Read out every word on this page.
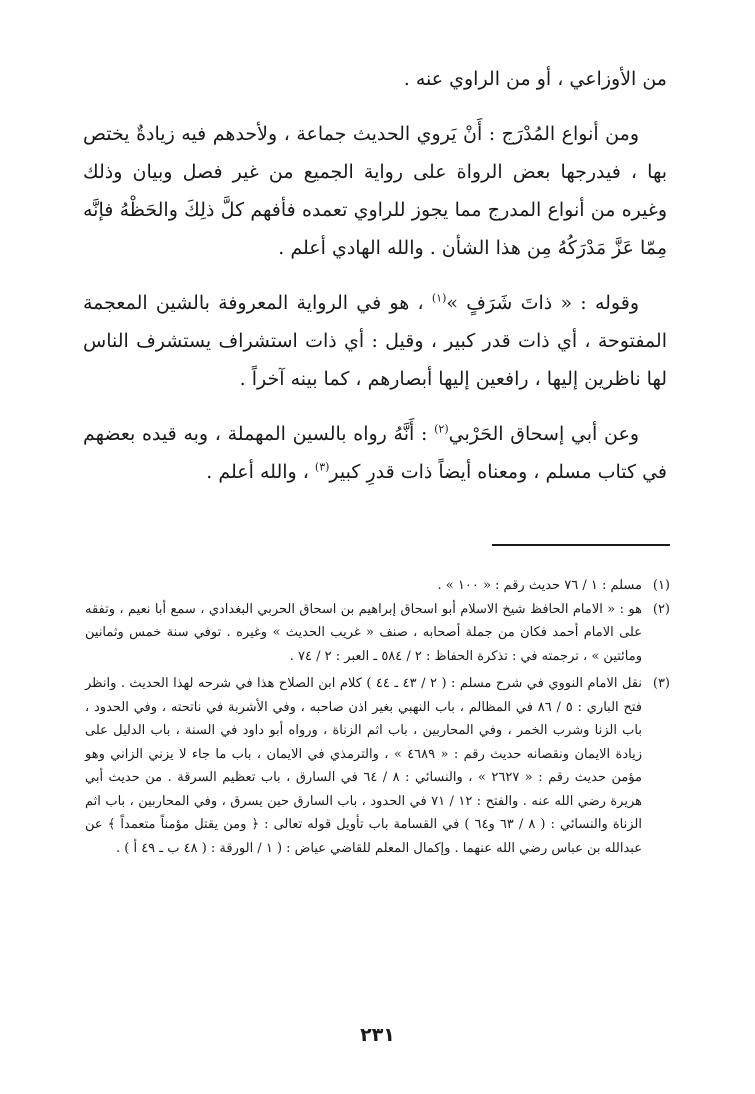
من الأوزاعي ، أو من الراوي عنه .

ومن أنواع المُدْرَج : أَنْ يَروي الحديث جماعة ، ولأحدهم فيه زيادةٌ يختص بها ، فيدرجها بعض الرواة على رواية الجميع من غير فصل وبيان وذلك وغيره من أنواع المدرج مما يجوز للراوي تعمده فأفهم كلَّ ذلِكَ والحَظْهُ فإنَّه مِمّا عَزَّ مَدْرَكُهُ مِن هذا الشأن . والله الهادي أعلم .

وقوله : « ذاتَ شَرَفٍ »$^{(١)}$ ، هو في الرواية المعروفة بالشين المعجمة المفتوحة ، أي ذات قدر كبير ، وقيل : أي ذات استشراف يستشرف الناس لها ناظرين إليها ، رافعين إليها أبصارهم ، كما بينه آخراً .

وعن أبي إسحاق الحَرْبي$^{(٢)}$ : أَنَّهُ رواه بالسين المهملة ، وبه قيده بعضهم في كتاب مسلم ، ومعناه أيضاً ذات قدرِ كبير$^{(٣)}$ ، والله أعلم .

(١)
مسلم : ١ / ٧٦ حديث رقم : « ١٠٠ » .

(٢)
هو : « الامام الحافظ شيخ الاسلام أبو اسحاق إبراهيم بن اسحاق الحربي البغدادي ، سمع أبا نعيم ، وتفقه على الامام أحمد فكان من جملة أصحابه ، صنف « غريب الحديث » وغيره . توفي سنة خمس وثمانين ومائتين » ، ترجمته في : تذكرة الحفاظ : ٢ / ٥٨٤ ـ العبر : ٢ / ٧٤ .

(٣)
نقل الامام النووي في شرح مسلم : ( ٢ / ٤٣ ـ ٤٤ ) كلام ابن الصلاح هذا في شرحه لهذا الحديث . وانظر فتح الباري : ٥ / ٨٦ في المظالم ، باب النهبي بغير اذن صاحبه ، وفي الأشربة في ناتحته ، وفي الحدود ، باب الزنا وشرب الخمر ، وفي المحاربين ، باب اثم الزناة ، ورواه أبو داود في السنة ، باب الدليل على زيادة الايمان ونقصانه حديث رقم : « ٤٦٨٩ » ، والترمذي في الايمان ، باب ما جاء لا يزني الزاني وهو مؤمن حديث رقم : « ٢٦٢٧ » ، والنسائي : ٨ / ٦٤ في السارق ، باب تعظيم السرقة . من حديث أبي هريرة رضي الله عنه . والفتح : ١٢ / ٧١ في الحدود ، باب السارق حين يسرق ، وفي المحاربين ، باب اثم الزناة والنسائي : ( ٨ / ٦٣ و٦٤ ) في القسامة باب تأويل قوله تعالى : ﴿ ومن يقتل مؤمناً متعمداً ﴾ عن عبدالله بن عباس رضي الله عنهما . وإكمال المعلم للقاضي عياض : ( ١ / الورقة : ( ٤٨ ب ـ ٤٩ أ ) .

٢٣١
